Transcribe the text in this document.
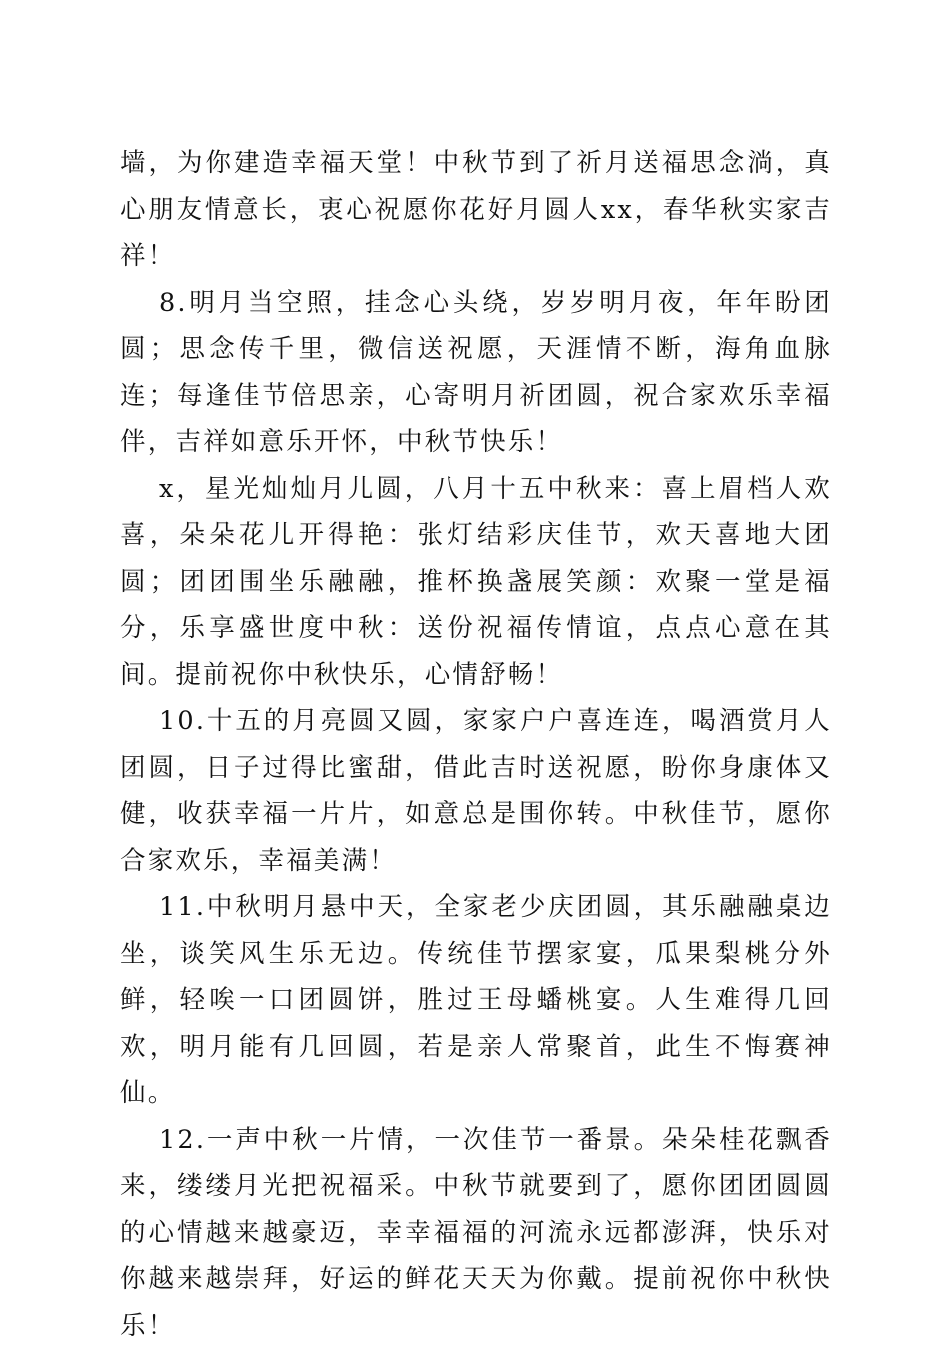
墙，为你建造幸福天堂！中秋节到了祈月送福思念淌，真心朋友情意长，衷心祝愿你花好月圆人xx，春华秋实家吉祥！

8.明月当空照，挂念心头绕，岁岁明月夜，年年盼团圆；思念传千里，微信送祝愿，天涯情不断，海角血脉连；每逢佳节倍思亲，心寄明月祈团圆，祝合家欢乐幸福伴，吉祥如意乐开怀，中秋节快乐！

x，星光灿灿月儿圆，八月十五中秋来：喜上眉档人欢喜，朵朵花儿开得艳：张灯结彩庆佳节，欢天喜地大团圆；团团围坐乐融融，推杯换盏展笑颜：欢聚一堂是福分，乐享盛世度中秋：送份祝福传情谊，点点心意在其间。提前祝你中秋快乐，心情舒畅！

10.十五的月亮圆又圆，家家户户喜连连，喝酒赏月人团圆，日子过得比蜜甜，借此吉时送祝愿，盼你身康体又健，收获幸福一片片，如意总是围你转。中秋佳节，愿你合家欢乐，幸福美满！

11.中秋明月悬中天，全家老少庆团圆，其乐融融桌边坐，谈笑风生乐无边。传统佳节摆家宴，瓜果梨桃分外鲜，轻唉一口团圆饼，胜过王母蟠桃宴。人生难得几回欢，明月能有几回圆，若是亲人常聚首，此生不悔赛神仙。

12.一声中秋一片情，一次佳节一番景。朵朵桂花飘香来，缕缕月光把祝福采。中秋节就要到了，愿你团团圆圆的心情越来越豪迈，幸幸福福的河流永远都澎湃，快乐对你越来越崇拜，好运的鲜花天天为你戴。提前祝你中秋快乐！
